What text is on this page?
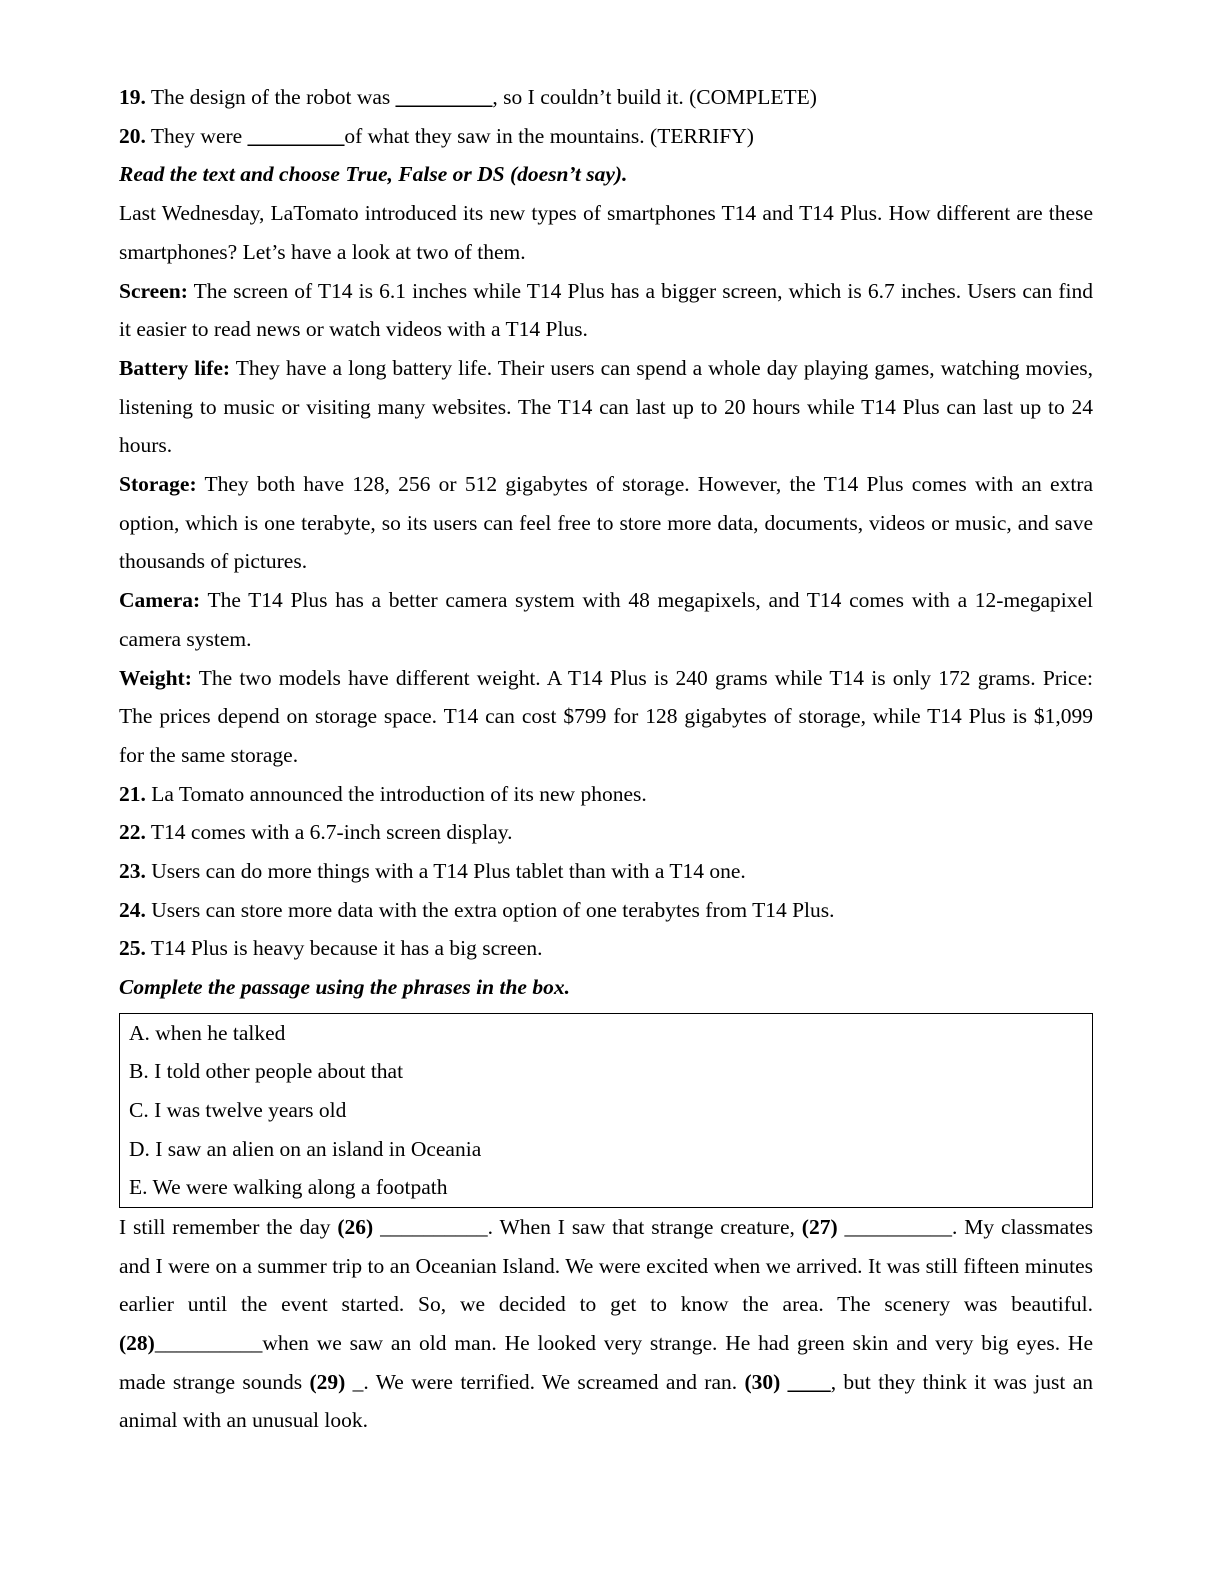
19. The design of the robot was _________, so I couldn’t build it. (COMPLETE)
20. They were _________of what they saw in the mountains. (TERRIFY)
Read the text and choose True, False or DS (doesn’t say).
Last Wednesday, LaTomato introduced its new types of smartphones T14 and T14 Plus. How different are these smartphones? Let’s have a look at two of them.
Screen: The screen of T14 is 6.1 inches while T14 Plus has a bigger screen, which is 6.7 inches. Users can find it easier to read news or watch videos with a T14 Plus.
Battery life: They have a long battery life. Their users can spend a whole day playing games, watching movies, listening to music or visiting many websites. The T14 can last up to 20 hours while T14 Plus can last up to 24 hours.
Storage: They both have 128, 256 or 512 gigabytes of storage. However, the T14 Plus comes with an extra option, which is one terabyte, so its users can feel free to store more data, documents, videos or music, and save thousands of pictures.
Camera: The T14 Plus has a better camera system with 48 megapixels, and T14 comes with a 12-megapixel camera system.
Weight: The two models have different weight. A T14 Plus is 240 grams while T14 is only 172 grams. Price: The prices depend on storage space. T14 can cost $799 for 128 gigabytes of storage, while T14 Plus is $1,099 for the same storage.
21. La Tomato announced the introduction of its new phones.
22. T14 comes with a 6.7-inch screen display.
23. Users can do more things with a T14 Plus tablet than with a T14 one.
24. Users can store more data with the extra option of one terabytes from T14 Plus.
25. T14 Plus is heavy because it has a big screen.
Complete the passage using the phrases in the box.
A. when he talked
B. I told other people about that
C. I was twelve years old
D. I saw an alien on an island in Oceania
E. We were walking along a footpath
I still remember the day (26) __________. When I saw that strange creature, (27) __________. My classmates and I were on a summer trip to an Oceanian Island. We were excited when we arrived. It was still fifteen minutes earlier until the event started. So, we decided to get to know the area. The scenery was beautiful. (28)__________when we saw an old man. He looked very strange. He had green skin and very big eyes. He made strange sounds (29) _. We were terrified. We screamed and ran. (30) ____, but they think it was just an animal with an unusual look.
